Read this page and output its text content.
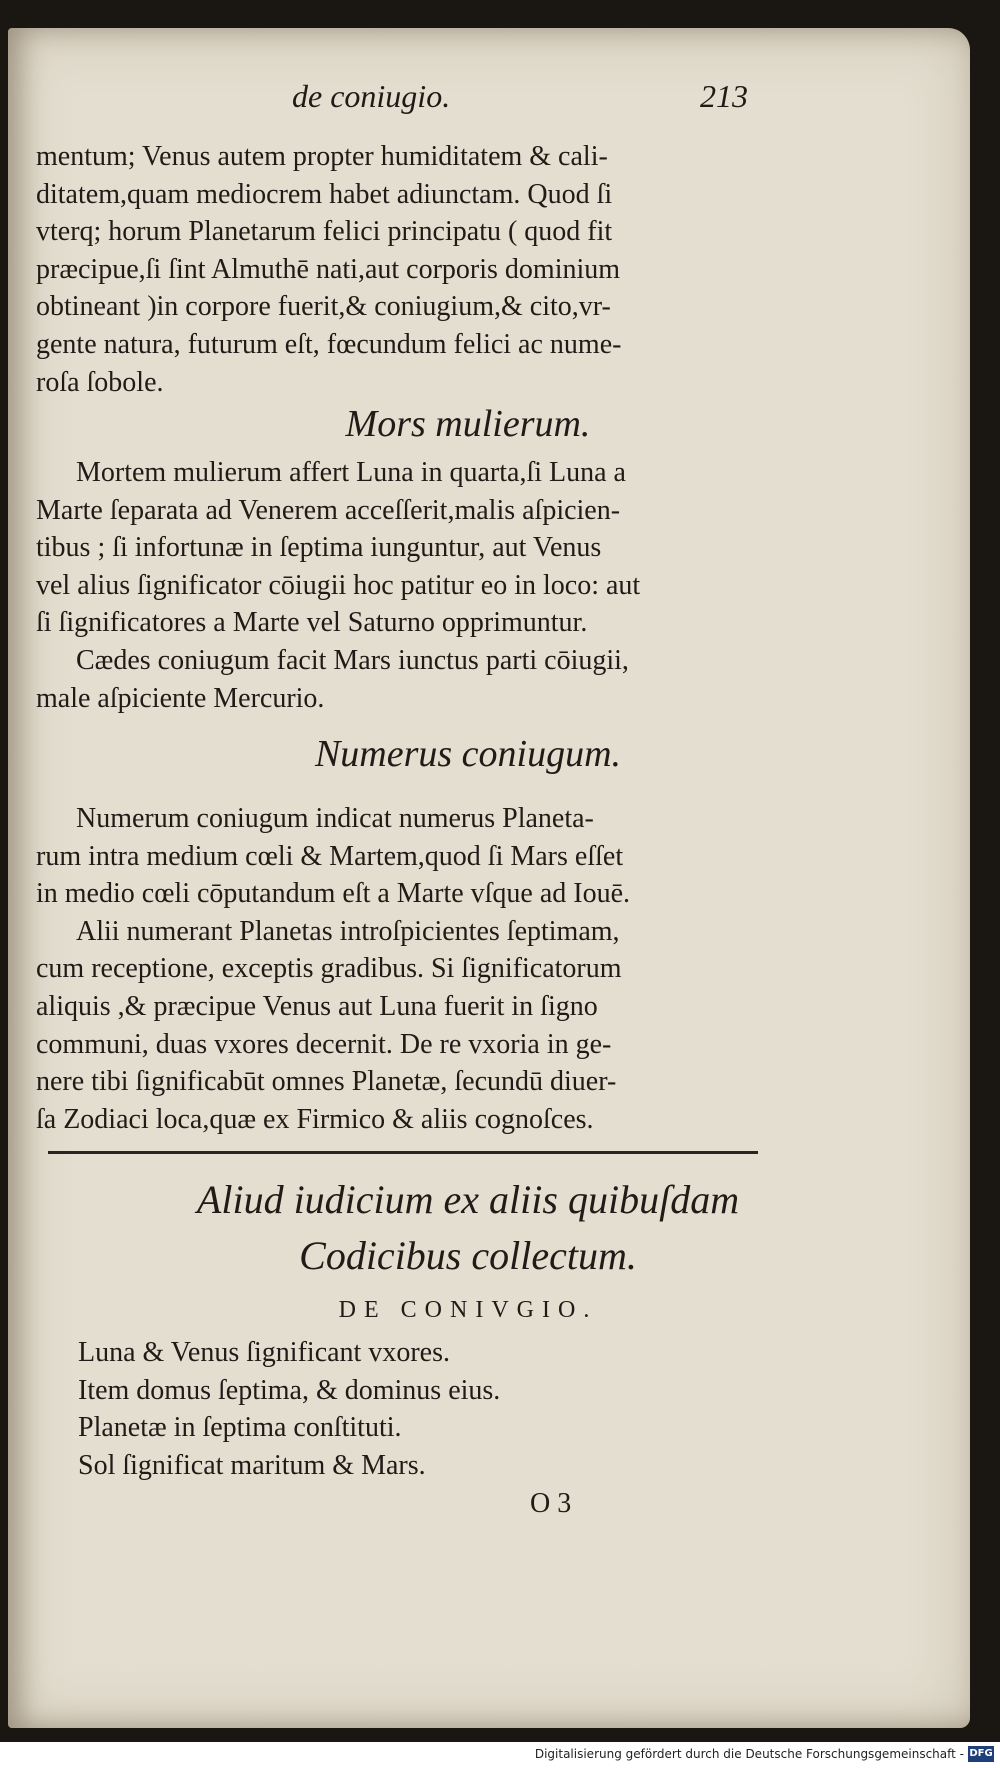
de coniugio.	213

mentum; Venus autem propter humiditatem & cali-
ditatem,quam mediocrem habet adiunctam. Quod ſi
vterq; horum Planetarum felici principatu ( quod fit
præcipue,ſi ſint Almuthē nati,aut corporis dominium
obtineant )in corpore fuerit,& coniugium,& cito,vr-
gente natura, futurum eſt, fœcundum felici ac nume-
roſa ſobole.

Mors mulierum.

Mortem mulierum affert Luna in quarta,ſi Luna a
Marte ſeparata ad Venerem acceſſerit,malis aſpicien-
tibus ; ſi infortunæ in ſeptima iunguntur, aut Venus
vel alius ſignificator cōiugii hoc patitur eo in loco: aut
ſi ſignificatores a Marte vel Saturno opprimuntur.

Cædes coniugum facit Mars iunctus parti cōiugii,
male aſpiciente Mercurio.

Numerus coniugum.

Numerum coniugum indicat numerus Planeta-
rum intra medium cœli & Martem,quod ſi Mars eſſet
in medio cœli cōputandum eſt a Marte vſque ad Iouē.

Alii numerant Planetas introſpicientes ſeptimam,
cum receptione, exceptis gradibus. Si ſignificatorum
aliquis ,& præcipue Venus aut Luna fuerit in ſigno
communi, duas vxores decernit. De re vxoria in ge-
nere tibi ſignificabūt omnes Planetæ, ſecundū diuer-
ſa Zodiaci loca,quæ ex Firmico & aliis cognoſces.

Aliud iudicium ex aliis quibuſdam
Codicibus collectum.
DE CONIVGIO.
Luna & Venus ſignificant vxores.
Item domus ſeptima, & dominus eius.
Planetæ in ſeptima conſtituti.
Sol ſignificat maritum & Mars.
O 3
Digitalisierung gefördert durch die Deutsche Forschungsgemeinschaft - DFG
